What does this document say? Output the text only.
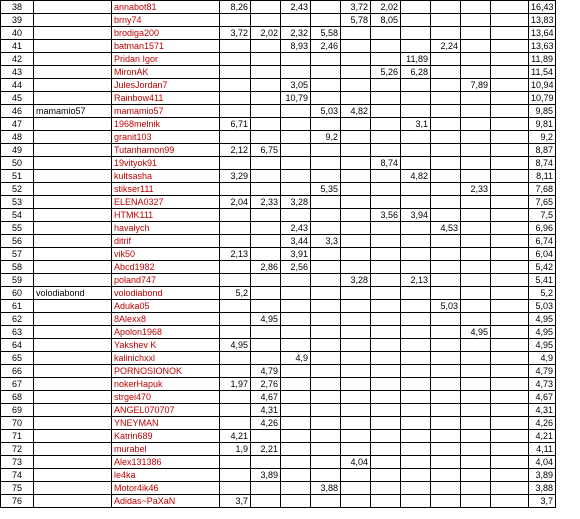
38		annabot81	8,26		2,43		3,72	2,02					16,43
39		brny74					5,78	8,05					13,83
40		brodiga200	3,72	2,02	2,32	5,58							13,64
41		batman1571			8,93	2,46				2,24			13,63
42		Pridan Igor							11,89				11,89
43		MironAK						5,26	6,28				11,54
44		JulesJordan7			3,05						7,89		10,94
45		Rainbow411			10,79								10,79
46	mamamio57	mamamio57				5,03	4,82						9,85
47		1968melnik	6,71						3,1				9,81
48		granit103				9,2							9,2
49		Tutanhamon99	2,12	6,75									8,87
50		19vityok91						8,74					8,74
51		kultsasha	3,29						4,82				8,11
52		stikser111				5,35					2,33		7,68
53		ELENA0327	2,04	2,33	3,28								7,65
54		HTMK111						3,56	3,94				7,5
55		havalych			2,43					4,53			6,96
56		ditrif			3,44	3,3							6,74
57		vik50	2,13		3,91								6,04
58		Abcd1982		2,86	2,56								5,42
59		poland747					3,28		2,13				5,41
60	volodiabond	volodiabond	5,2										5,2
61		Aduka05								5,03			5,03
62		8Alexx8		4,95									4,95
63		Apolon1968									4,95		4,95
64		Yakshev K	4,95										4,95
65		kalinichxxl			4,9								4,9
66		PORNOSIONOK		4,79									4,79
67		nokerHapuk	1,97	2,76									4,73
68		strgei470		4,67									4,67
69		ANGEL070707		4,31									4,31
70		YNEYMAN		4,26									4,26
71		Katrin689	4,21										4,21
72		murabel	1,9	2,21									4,11
73		Alex131386					4,04						4,04
74		le4ka		3,89									3,89
75		Motor4ik46				3,88							3,88
76		Adidas~PaXaN	3,7										3,7
